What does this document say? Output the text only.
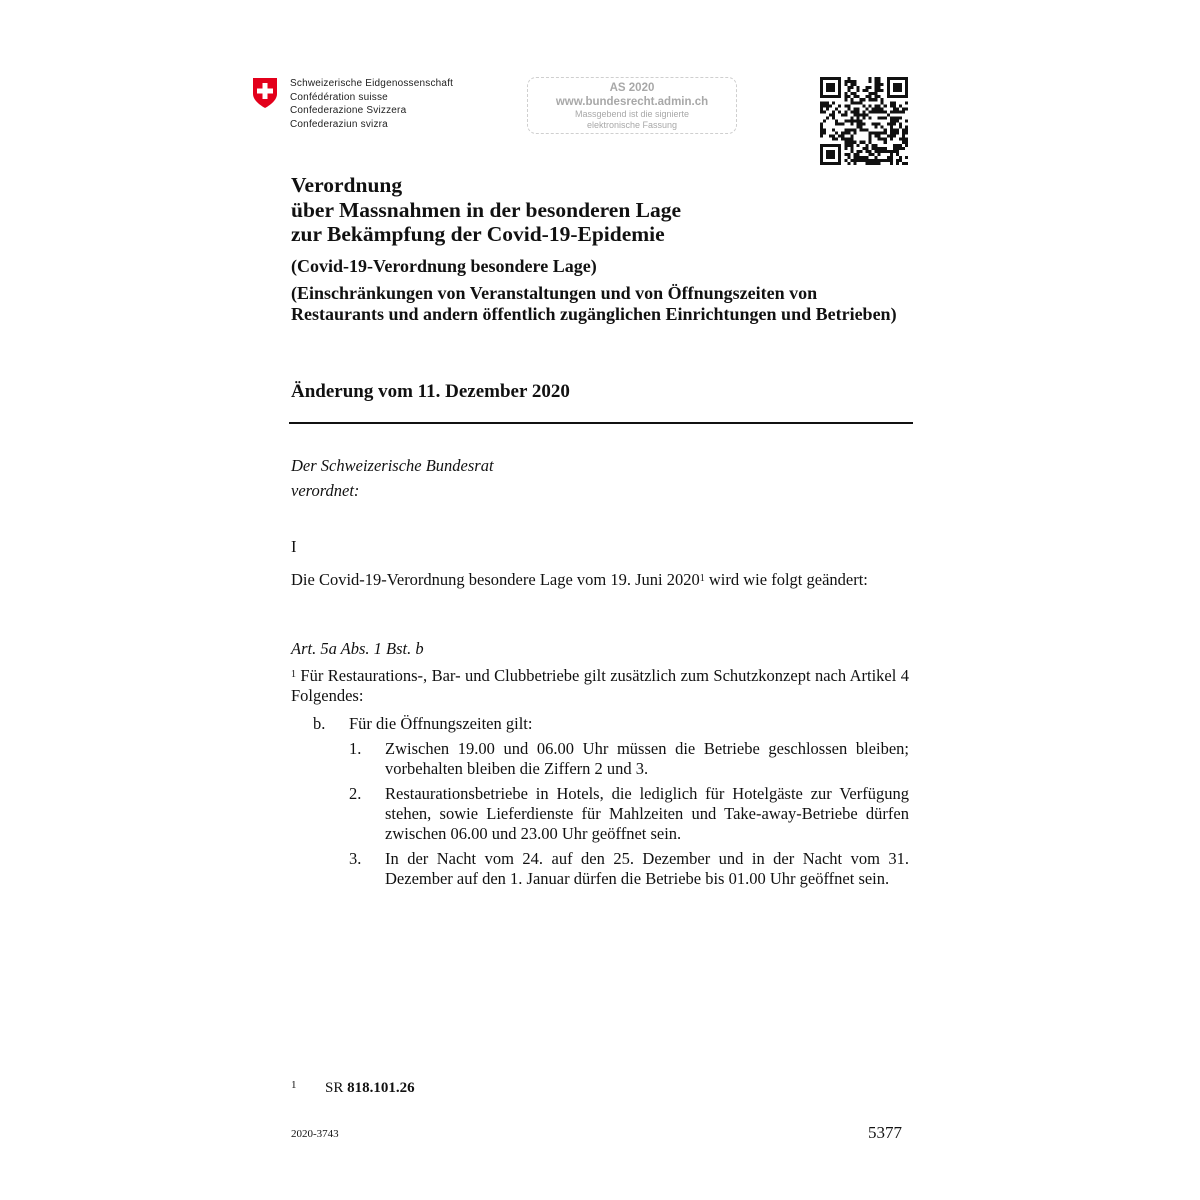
Schweizerische Eidgenossenschaft
Confédération suisse
Confederazione Svizzera
Confederaziun svizra
AS 2020
www.bundesrecht.admin.ch
Massgebend ist die signierte
elektronische Fassung
Verordnung
über Massnahmen in der besonderen Lage
zur Bekämpfung der Covid-19-Epidemie
(Covid-19-Verordnung besondere Lage)
(Einschränkungen von Veranstaltungen und von Öffnungszeiten von Restaurants und andern öffentlich zugänglichen Einrichtungen und Betrieben)
Änderung vom 11. Dezember 2020
Der Schweizerische Bundesrat
verordnet:
I
Die Covid-19-Verordnung besondere Lage vom 19. Juni 2020$^1$ wird wie folgt geändert:
Art. 5a Abs. 1 Bst. b
$^1$ Für Restaurations-, Bar- und Clubbetriebe gilt zusätzlich zum Schutzkonzept nach Artikel 4 Folgendes:
b. Für die Öffnungszeiten gilt:
1. Zwischen 19.00 und 06.00 Uhr müssen die Betriebe geschlossen bleiben; vorbehalten bleiben die Ziffern 2 und 3.
2. Restaurationsbetriebe in Hotels, die lediglich für Hotelgäste zur Verfügung stehen, sowie Lieferdienste für Mahlzeiten und Take-away-Betriebe dürfen zwischen 06.00 und 23.00 Uhr geöffnet sein.
3. In der Nacht vom 24. auf den 25. Dezember und in der Nacht vom 31. Dezember auf den 1. Januar dürfen die Betriebe bis 01.00 Uhr geöffnet sein.
1 SR 818.101.26
2020-3743	5377
